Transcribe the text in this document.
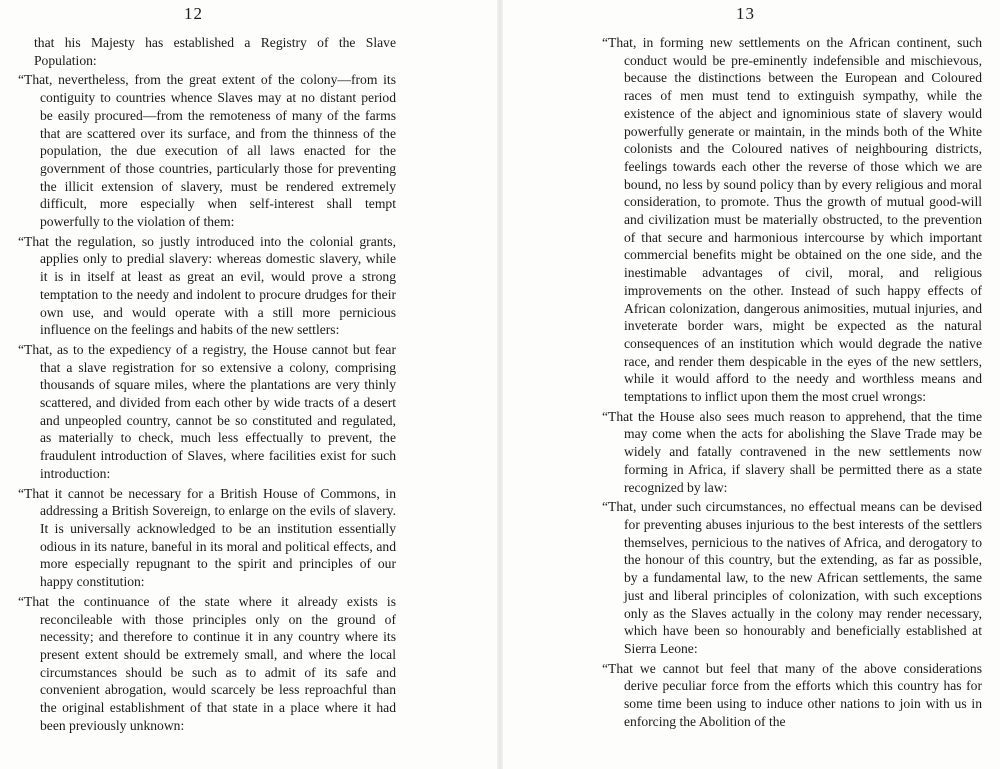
12

that his Majesty has established a Registry of the Slave Population:

“That, nevertheless, from the great extent of the colony—from its contiguity to countries whence Slaves may at no distant period be easily procured—from the remoteness of many of the farms that are scattered over its surface, and from the thinness of the population, the due execution of all laws enacted for the government of those countries, particularly those for preventing the illicit extension of slavery, must be rendered extremely difficult, more especially when self-interest shall tempt powerfully to the violation of them:

“That the regulation, so justly introduced into the colonial grants, applies only to predial slavery: whereas domestic slavery, while it is in itself at least as great an evil, would prove a strong temptation to the needy and indolent to procure drudges for their own use, and would operate with a still more pernicious influence on the feelings and habits of the new settlers:

“That, as to the expediency of a registry, the House cannot but fear that a slave registration for so extensive a colony, comprising thousands of square miles, where the plantations are very thinly scattered, and divided from each other by wide tracts of a desert and unpeopled country, cannot be so constituted and regulated, as materially to check, much less effectually to prevent, the fraudulent introduction of Slaves, where facilities exist for such introduction:

“That it cannot be necessary for a British House of Commons, in addressing a British Sovereign, to enlarge on the evils of slavery. It is universally acknowledged to be an institution essentially odious in its nature, baneful in its moral and political effects, and more especially repugnant to the spirit and principles of our happy constitution:

“That the continuance of the state where it already exists is reconcileable with those principles only on the ground of necessity; and therefore to continue it in any country where its present extent should be extremely small, and where the local circumstances should be such as to admit of its safe and convenient abrogation, would scarcely be less reproachful than the original establishment of that state in a place where it had been previously unknown:

13

“That, in forming new settlements on the African continent, such conduct would be pre-eminently indefensible and mischievous, because the distinctions between the European and Coloured races of men must tend to extinguish sympathy, while the existence of the abject and ignominious state of slavery would powerfully generate or maintain, in the minds both of the White colonists and the Coloured natives of neighbouring districts, feelings towards each other the reverse of those which we are bound, no less by sound policy than by every religious and moral consideration, to promote. Thus the growth of mutual good-will and civilization must be materially obstructed, to the prevention of that secure and harmonious intercourse by which important commercial benefits might be obtained on the one side, and the inestimable advantages of civil, moral, and religious improvements on the other. Instead of such happy effects of African colonization, dangerous animosities, mutual injuries, and inveterate border wars, might be expected as the natural consequences of an institution which would degrade the native race, and render them despicable in the eyes of the new settlers, while it would afford to the needy and worthless means and temptations to inflict upon them the most cruel wrongs:

“That the House also sees much reason to apprehend, that the time may come when the acts for abolishing the Slave Trade may be widely and fatally contravened in the new settlements now forming in Africa, if slavery shall be permitted there as a state recognized by law:

“That, under such circumstances, no effectual means can be devised for preventing abuses injurious to the best interests of the settlers themselves, pernicious to the natives of Africa, and derogatory to the honour of this country, but the extending, as far as possible, by a fundamental law, to the new African settlements, the same just and liberal principles of colonization, with such exceptions only as the Slaves actually in the colony may render necessary, which have been so honourably and beneficially established at Sierra Leone:

“That we cannot but feel that many of the above considerations derive peculiar force from the efforts which this country has for some time been using to induce other nations to join with us in enforcing the Abolition of the
